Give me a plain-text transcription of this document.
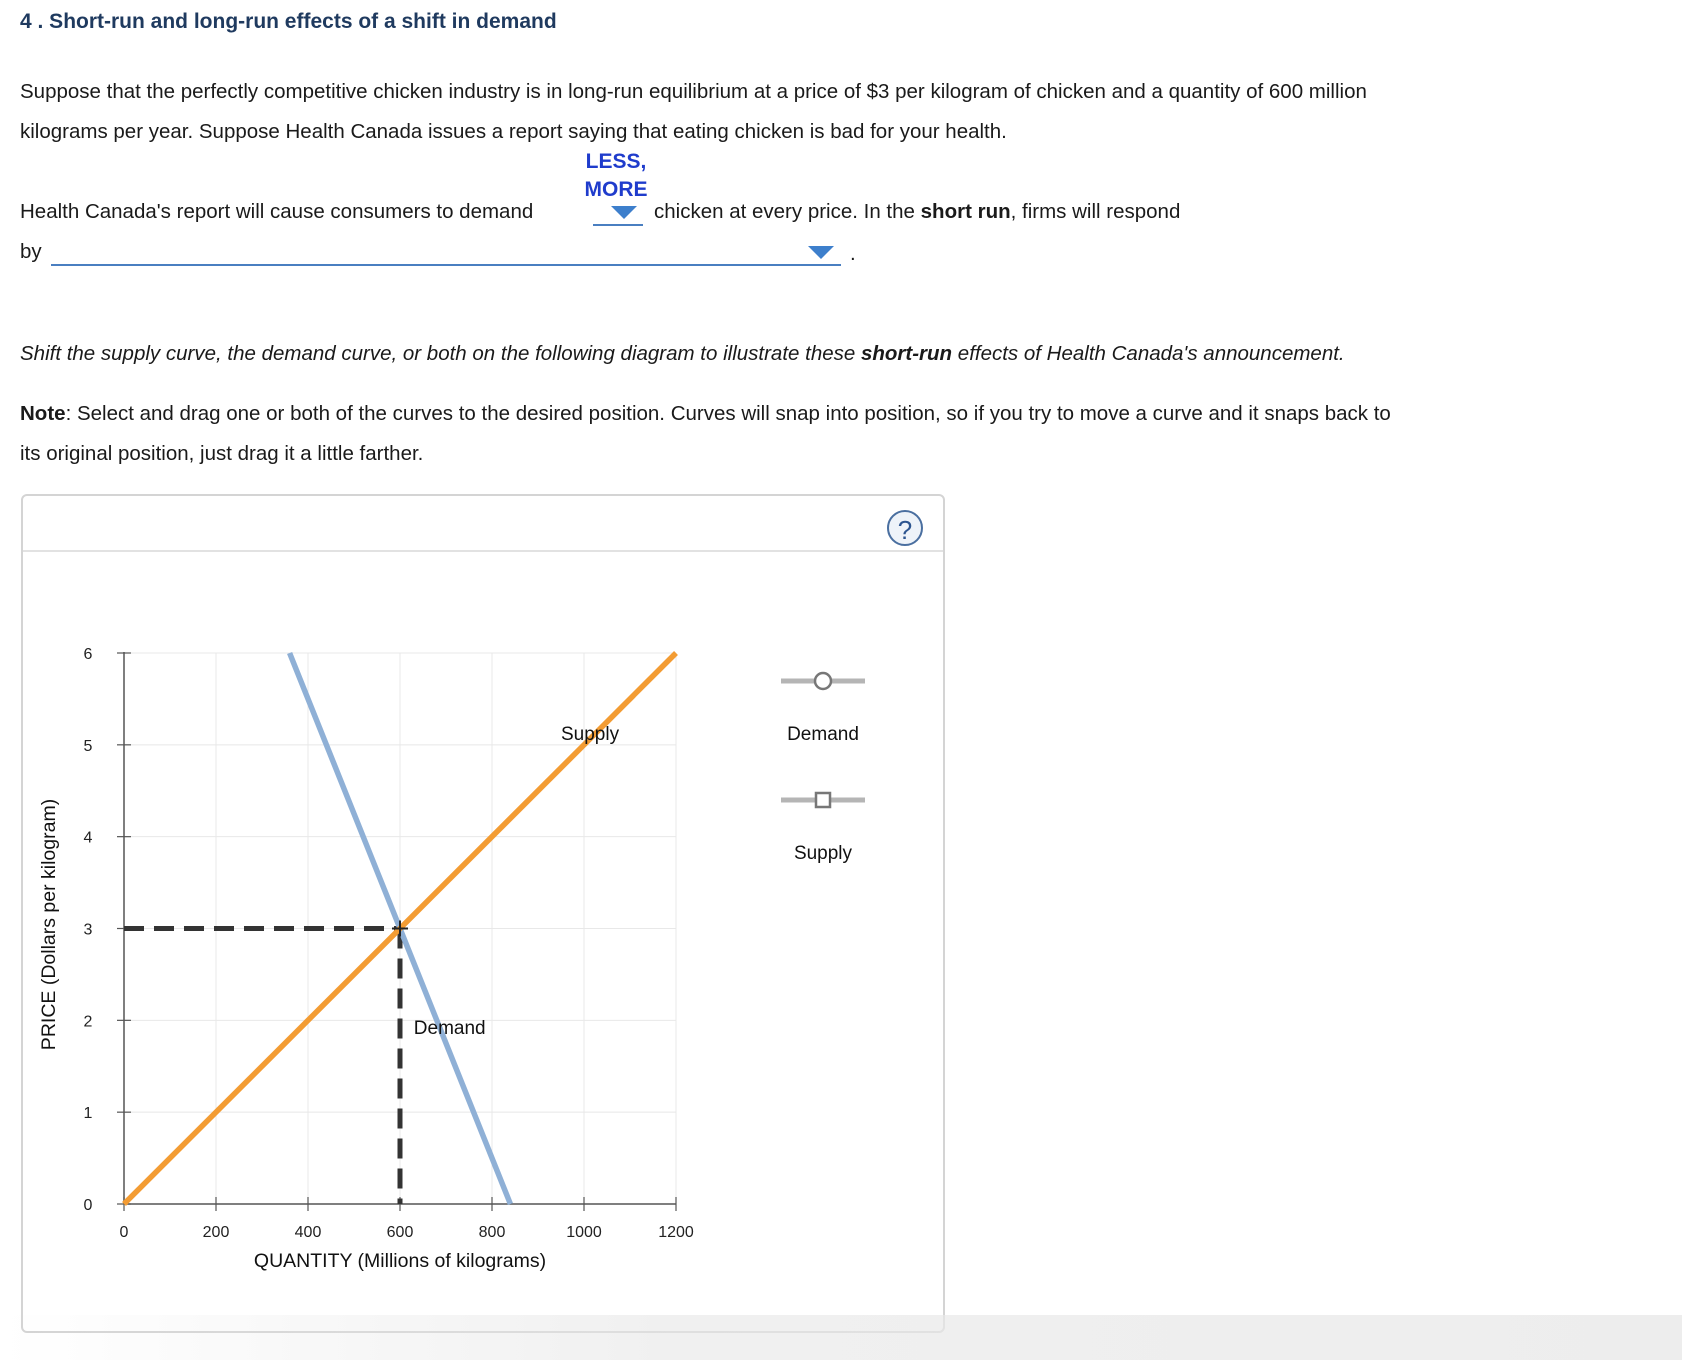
4 . Short-run and long-run effects of a shift in demand
Suppose that the perfectly competitive chicken industry is in long-run equilibrium at a price of $3 per kilogram of chicken and a quantity of 600 million
kilograms per year. Suppose Health Canada issues a report saying that eating chicken is bad for your health.
LESS,
MORE
Health Canada's report will cause consumers to demand	chicken at every price. In the short run, firms will respond
by	.
Shift the supply curve, the demand curve, or both on the following diagram to illustrate these short-run effects of Health Canada's announcement.
Note: Select and drag one or both of the curves to the desired position. Curves will snap into position, so if you try to move a curve and it snaps back to
its original position, just drag it a little farther.
?
Demand
Supply
0
1
2
3
4
5
6
0	200	400	600	800	1000	1200
QUANTITY (Millions of kilograms)
PRICE (Dollars per kilogram)
Supply
Demand
